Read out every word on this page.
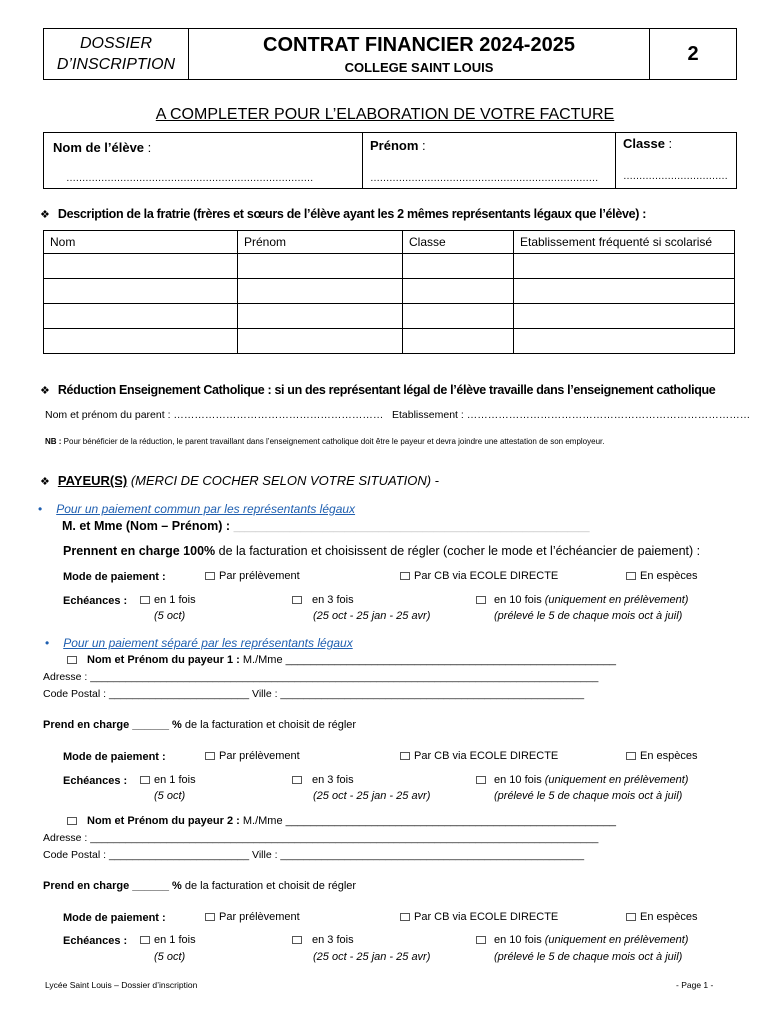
DOSSIER
D’INSCRIPTION
CONTRAT FINANCIER 2024-2025
COLLEGE SAINT LOUIS
2
A COMPLETER POUR L’ELABORATION DE VOTRE FACTURE
Nom de l’élève :
……………………………………………………………………
Prénom :
………………………………………………………………
Classe :
……………………………
❖ Description de la fratrie (frères et sœurs de l’élève ayant les 2 mêmes représentants légaux que l’élève) :
Nom	Prénom	Classe	Etablissement fréquenté si scolarisé

❖ Réduction Enseignement Catholique : si un des représentant légal de l’élève travaille dans l’enseignement catholique
Nom et prénom du parent : …………………………………………………… Etablissement : ………………………………………………………………………
NB : Pour bénéficier de la réduction, le parent travaillant dans l’enseignement catholique doit être le payeur et devra joindre une attestation de son employeur.
❖ PAYEUR(S) (MERCI DE COCHER SELON VOTRE SITUATION) -
• Pour un paiement commun par les représentants légaux
M. et Mme (Nom – Prénom) : ________________________________________________________________
Prennent en charge 100% de la facturation et choisissent de régler (cocher le mode et l’échéancier de paiement) :
Mode de paiement :	Par prélèvement	Par CB via ECOLE DIRECTE	En espèces
Echéances :	en 1 fois
(5 oct)
en 3 fois
(25 oct - 25 jan - 25 avr)
en 10 fois (uniquement en prélèvement)
(prélevé le 5 de chaque mois oct à juil)
• Pour un paiement séparé par les représentants légaux
Nom et Prénom du payeur 1 : M./Mme ______________________________________________________
Adresse : _______________________________________________________________________________________
Code Postal : ________________________ Ville : ____________________________________________________
Prend en charge ______ % de la facturation et choisit de régler
Mode de paiement :	Par prélèvement	Par CB via ECOLE DIRECTE	En espèces
Echéances :	en 1 fois
(5 oct)
en 3 fois
(25 oct - 25 jan - 25 avr)
en 10 fois (uniquement en prélèvement)
(prélevé le 5 de chaque mois oct à juil)
Nom et Prénom du payeur 2 : M./Mme ______________________________________________________
Adresse : _______________________________________________________________________________________
Code Postal : ________________________ Ville : ____________________________________________________
Prend en charge ______ % de la facturation et choisit de régler
Mode de paiement :	Par prélèvement	Par CB via ECOLE DIRECTE	En espèces
Echéances :	en 1 fois
(5 oct)
en 3 fois
(25 oct - 25 jan - 25 avr)
en 10 fois (uniquement en prélèvement)
(prélevé le 5 de chaque mois oct à juil)
Lycée Saint Louis – Dossier d’inscription	- Page 1 -
